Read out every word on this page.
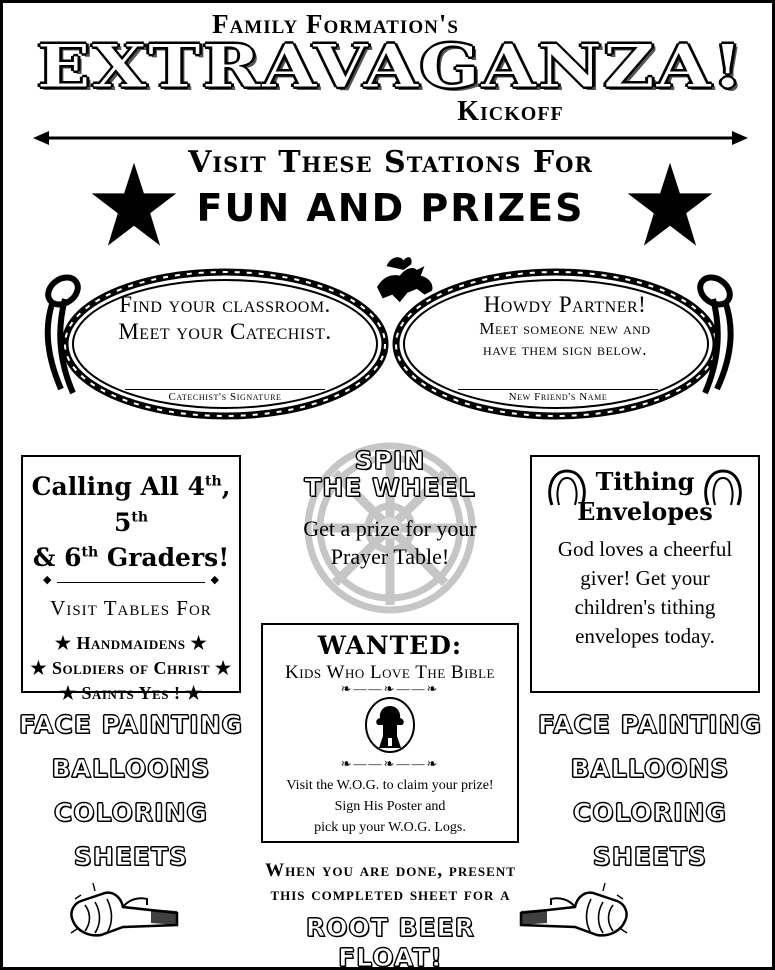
Family Formation's
EXTRAVAGANZA!
Kickoff
Visit These Stations For
FUN AND PRIZES
Find your classroom.
Meet your Catechist.
Catechist's Signature
Howdy Partner!
Meet someone new and
have them sign below.
New Friend's Name
Calling All 4th, 5th
& 6th Graders!
◆
◆
Visit Tables For
★ Handmaidens ★
★ Soldiers of Christ ★
★ Saints Yes ! ★
SPIN
THE WHEEL
Get a prize for your
Prayer Table!
Tithing
Envelopes
God loves a cheerful
giver! Get your
children's tithing
envelopes today.
WANTED:
Kids Who Love The Bible
❧——❧——❧
❧——❧——❧
Visit the W.O.G. to claim your prize!
Sign His Poster and
pick up your W.O.G. Logs.
FACE PAINTING
BALLOONS
COLORING SHEETS
FACE PAINTING
BALLOONS
COLORING SHEETS
When you are done, present
this completed sheet for a
ROOT BEER
FLOAT!
